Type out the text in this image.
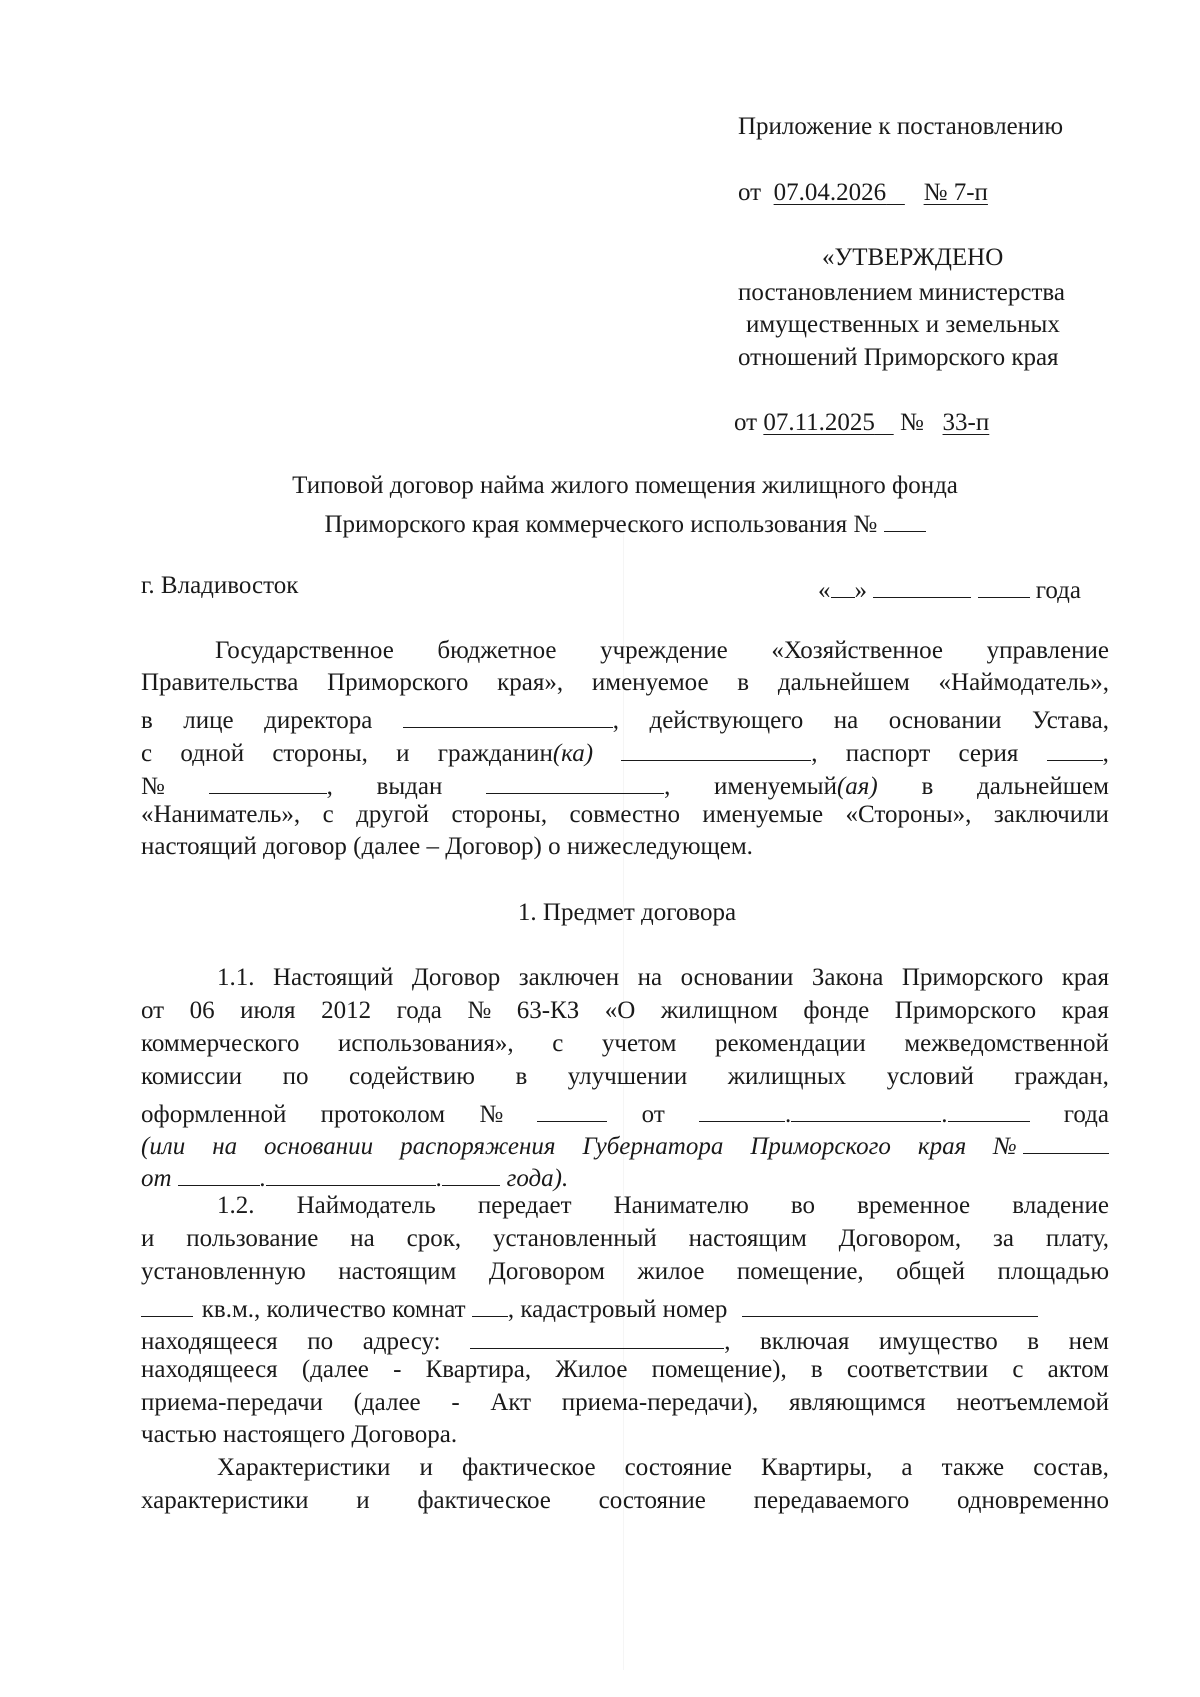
Приложение к постановлению
от 07.04.2026 № 7-п
«УТВЕРЖДЕНО
постановлением министерства
имущественных и земельных
отношений Приморского края
от 07.11.2025 № 33-п
Типовой договор найма жилого помещения жилищного фонда
Приморского края коммерческого использования №
г. Владивосток	« »	года
Государственное бюджетное учреждение «Хозяйственное управление
Правительства Приморского края», именуемое в дальнейшем «Наймодатель»,
в лице директора	, действующего на основании Устава,
с одной стороны, и гражданин (ка)	, паспорт серия	,
№	, выдан	, именуемый (ая) в дальнейшем
«Наниматель», с другой стороны, совместно именуемые «Стороны», заключили
настоящий договор (далее – Договор) о нижеследующем.
1. Предмет договора
1.1. Настоящий Договор заключен на основании Закона Приморского края
от 06 июля 2012 года № 63-КЗ «О жилищном фонде Приморского края
коммерческого использования», с учетом рекомендации межведомственной
комиссии по содействию в улучшении жилищных условий граждан,
оформленной протоколом №	от	.	.	года
(или на основании распоряжения Губернатора Приморского края №

от	.	.	года).
1.2. Наймодатель передает Нанимателю во временное владение
и пользование на срок, установленный настоящим Договором, за плату,
установленную настоящим Договором жилое помещение, общей площадью
кв.м., количество комнат
, кадастровый номер
находящееся по адресу:	, включая имущество в нем
находящееся (далее - Квартира, Жилое помещение), в соответствии с актом
приема-передачи (далее - Акт приема-передачи), являющимся неотъемлемой
частью настоящего Договора.
Характеристики и фактическое состояние Квартиры, а также состав,
характеристики и фактическое состояние передаваемого одновременно
